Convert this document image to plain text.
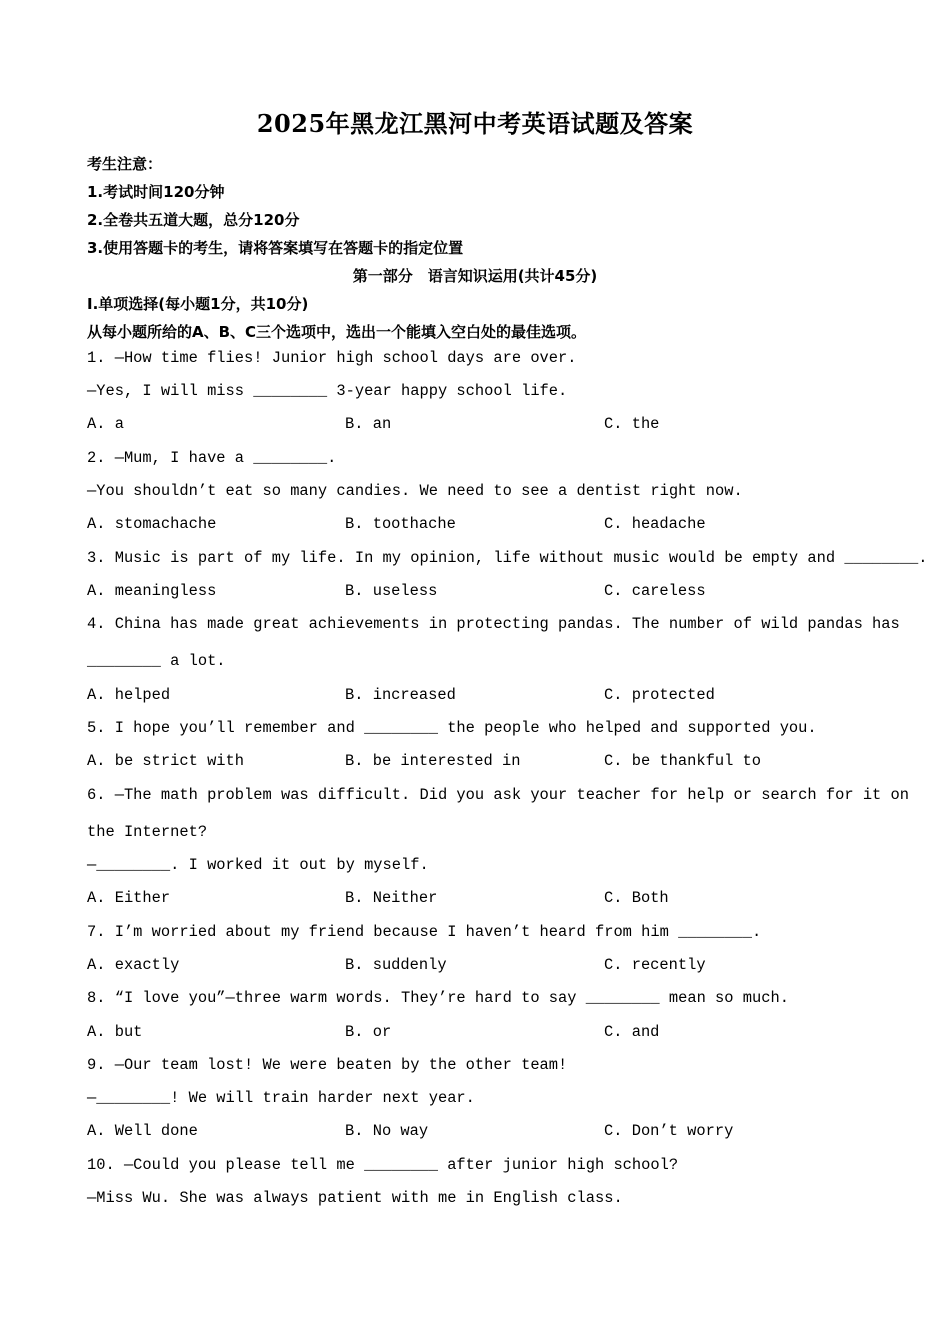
2025年黑龙江黑河中考英语试题及答案
考生注意：
1.考试时间120分钟
2.全卷共五道大题，总分120分
3.使用答题卡的考生，请将答案填写在答题卡的指定位置
第一部分　语言知识运用(共计45分)
I.单项选择(每小题1分，共10分)
从每小题所给的A、B、C三个选项中，选出一个能填入空白处的最佳选项。
1. —How time flies! Junior high school days are over.
—Yes, I will miss ________ 3-year happy school life.
A. a	B. an	C. the
2. —Mum, I have a ________.
—You shouldn’t eat so many candies. We need to see a dentist right now.
A. stomachache	B. toothache	C. headache
3. Music is part of my life. In my opinion, life without music would be empty and ________.
A. meaningless	B. useless	C. careless
4. China has made great achievements in protecting pandas. The number of wild pandas has
________ a lot.
A. helped	B. increased	C. protected
5. I hope you’ll remember and ________ the people who helped and supported you.
A. be strict with	B. be interested in	C. be thankful to
6. —The math problem was difficult. Did you ask your teacher for help or search for it on
the Internet?
—________. I worked it out by myself.
A. Either	B. Neither	C. Both
7. I’m worried about my friend because I haven’t heard from him ________.
A. exactly	B. suddenly	C. recently
8. “I love you”—three warm words. They’re hard to say ________ mean so much.
A. but	B. or	C. and
9. —Our team lost! We were beaten by the other team!
—________! We will train harder next year.
A. Well done	B. No way	C. Don’t worry
10. —Could you please tell me ________ after junior high school?
—Miss Wu. She was always patient with me in English class.
